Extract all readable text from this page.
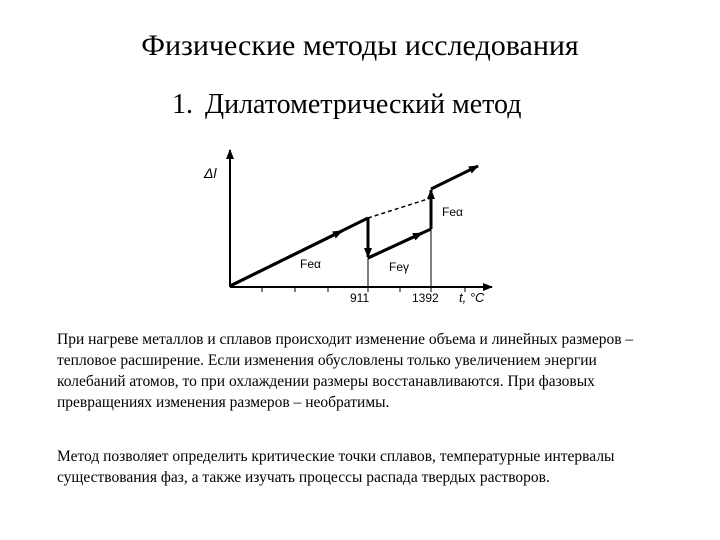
Физические методы исследования
1. Дилатометрический метод
Δl
t, °C
911	1392
Feα	Feγ
Feα

При нагреве металлов и сплавов происходит изменение объема и линейных размеров – тепловое расширение. Если изменения обусловлены только увеличением энергии колебаний атомов, то при охлаждении размеры восстанавливаются. При фазовых превращениях изменения размеров – необратимы.

Метод позволяет определить критические точки сплавов, температурные интервалы существования фаз, а также изучать процессы распада твердых растворов.
